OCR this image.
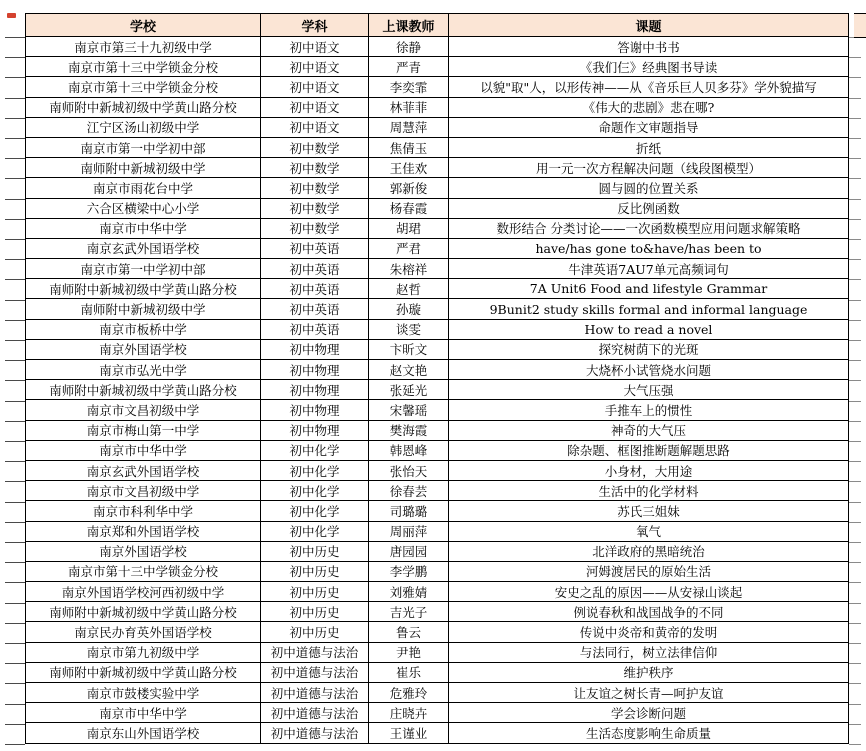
学校	学科	上课教师	课题
南京市第三十九初级中学	初中语文	徐静	答谢中书书
南京市第十三中学锁金分校	初中语文	严青	《我们仨》经典图书导读
南京市第十三中学锁金分校	初中语文	李奕霏	以貌"取"人，以形传神——从《音乐巨人贝多芬》学外貌描写
南师附中新城初级中学黄山路分校	初中语文	林菲菲	《伟大的悲剧》悲在哪?
江宁区汤山初级中学	初中语文	周慧萍	命题作文审题指导
南京市第一中学初中部	初中数学	焦倩玉	折纸
南师附中新城初级中学	初中数学	王佳欢	用一元一次方程解决问题（线段图模型）
南京市雨花台中学	初中数学	郭新俊	圆与圆的位置关系
六合区横梁中心小学	初中数学	杨春霞	反比例函数
南京市中华中学	初中数学	胡珺	数形结合 分类讨论——一次函数模型应用问题求解策略
南京玄武外国语学校	初中英语	严君	have/has gone to&have/has been to
南京市第一中学初中部	初中英语	朱榕祥	牛津英语7AU7单元高频词句
南师附中新城初级中学黄山路分校	初中英语	赵哲	7A Unit6 Food and lifestyle Grammar
南师附中新城初级中学	初中英语	孙璇	9Bunit2 study skills formal and informal language
南京市板桥中学	初中英语	谈雯	How to read a novel
南京外国语学校	初中物理	卞昕文	探究树荫下的光斑
南京市弘光中学	初中物理	赵文艳	大烧杯小试管烧水问题
南师附中新城初级中学黄山路分校	初中物理	张延光	大气压强
南京市文昌初级中学	初中物理	宋馨瑶	手推车上的惯性
南京市梅山第一中学	初中物理	樊海霞	神奇的大气压
南京市中华中学	初中化学	韩恩峰	除杂题、框图推断题解题思路
南京玄武外国语学校	初中化学	张怡天	小身材，大用途
南京市文昌初级中学	初中化学	徐春芸	生活中的化学材料
南京市科利华中学	初中化学	司璐璐	苏氏三姐妹
南京郑和外国语学校	初中化学	周丽萍	氧气
南京外国语学校	初中历史	唐园园	北洋政府的黑暗统治
南京市第十三中学锁金分校	初中历史	李学鹏	河姆渡居民的原始生活
南京外国语学校河西初级中学	初中历史	刘雅婧	安史之乱的原因——从安禄山谈起
南师附中新城初级中学黄山路分校	初中历史	吉光子	例说春秋和战国战争的不同
南京民办育英外国语学校	初中历史	鲁云	传说中炎帝和黄帝的发明
南京市第九初级中学	初中道德与法治	尹艳	与法同行，树立法律信仰
南师附中新城初级中学黄山路分校	初中道德与法治	崔乐	维护秩序
南京市鼓楼实验中学	初中道德与法治	危雅玲	让友谊之树长青—呵护友谊
南京市中华中学	初中道德与法治	庄晓卉	学会诊断问题
南京东山外国语学校	初中道德与法治	王谨业	生活态度影响生命质量
